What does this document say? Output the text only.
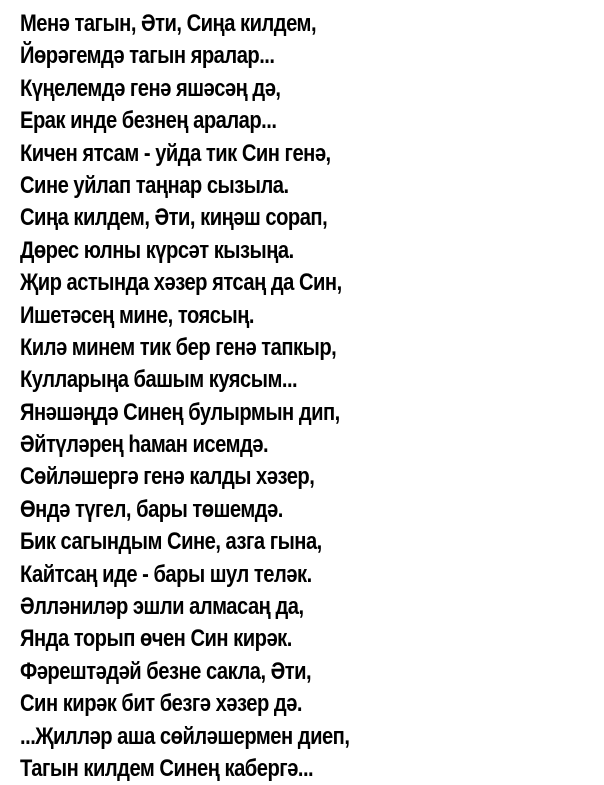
Менә тагын, Әти, Сиңа килдем,
Йөрәгемдә тагын яралар...
Күңелемдә генә яшәсәң дә,
Ерак инде безнең аралар...
Кичен ятсам - уйда тик Син генә,
Сине уйлап таңнар сызыла.
Сиңа килдем, Әти, киңәш сорап,
Дөрес юлны күрсәт кызыңа.
Җир астында хәзер ятсаң да Син,
Ишетәсең мине, тоясың.
Килә минем тик бер генә тапкыр,
Кулларыңа башым куясым...
Янәшәңдә Синең булырмын дип,
Әйтүләрең һаман исемдә.
Сөйләшергә генә калды хәзер,
Өндә түгел, бары төшемдә.
Бик сагындым Сине, азга гына,
Кайтсаң иде - бары шул теләк.
Әлләниләр эшли алмасаң да,
Янда торып өчен Син кирәк.
Фәрештәдәй безне сакла, Әти,
Син кирәк бит безгә хәзер дә.
...Җилләр аша сөйләшермен диеп,
Тагын килдем Синең кабергә...
